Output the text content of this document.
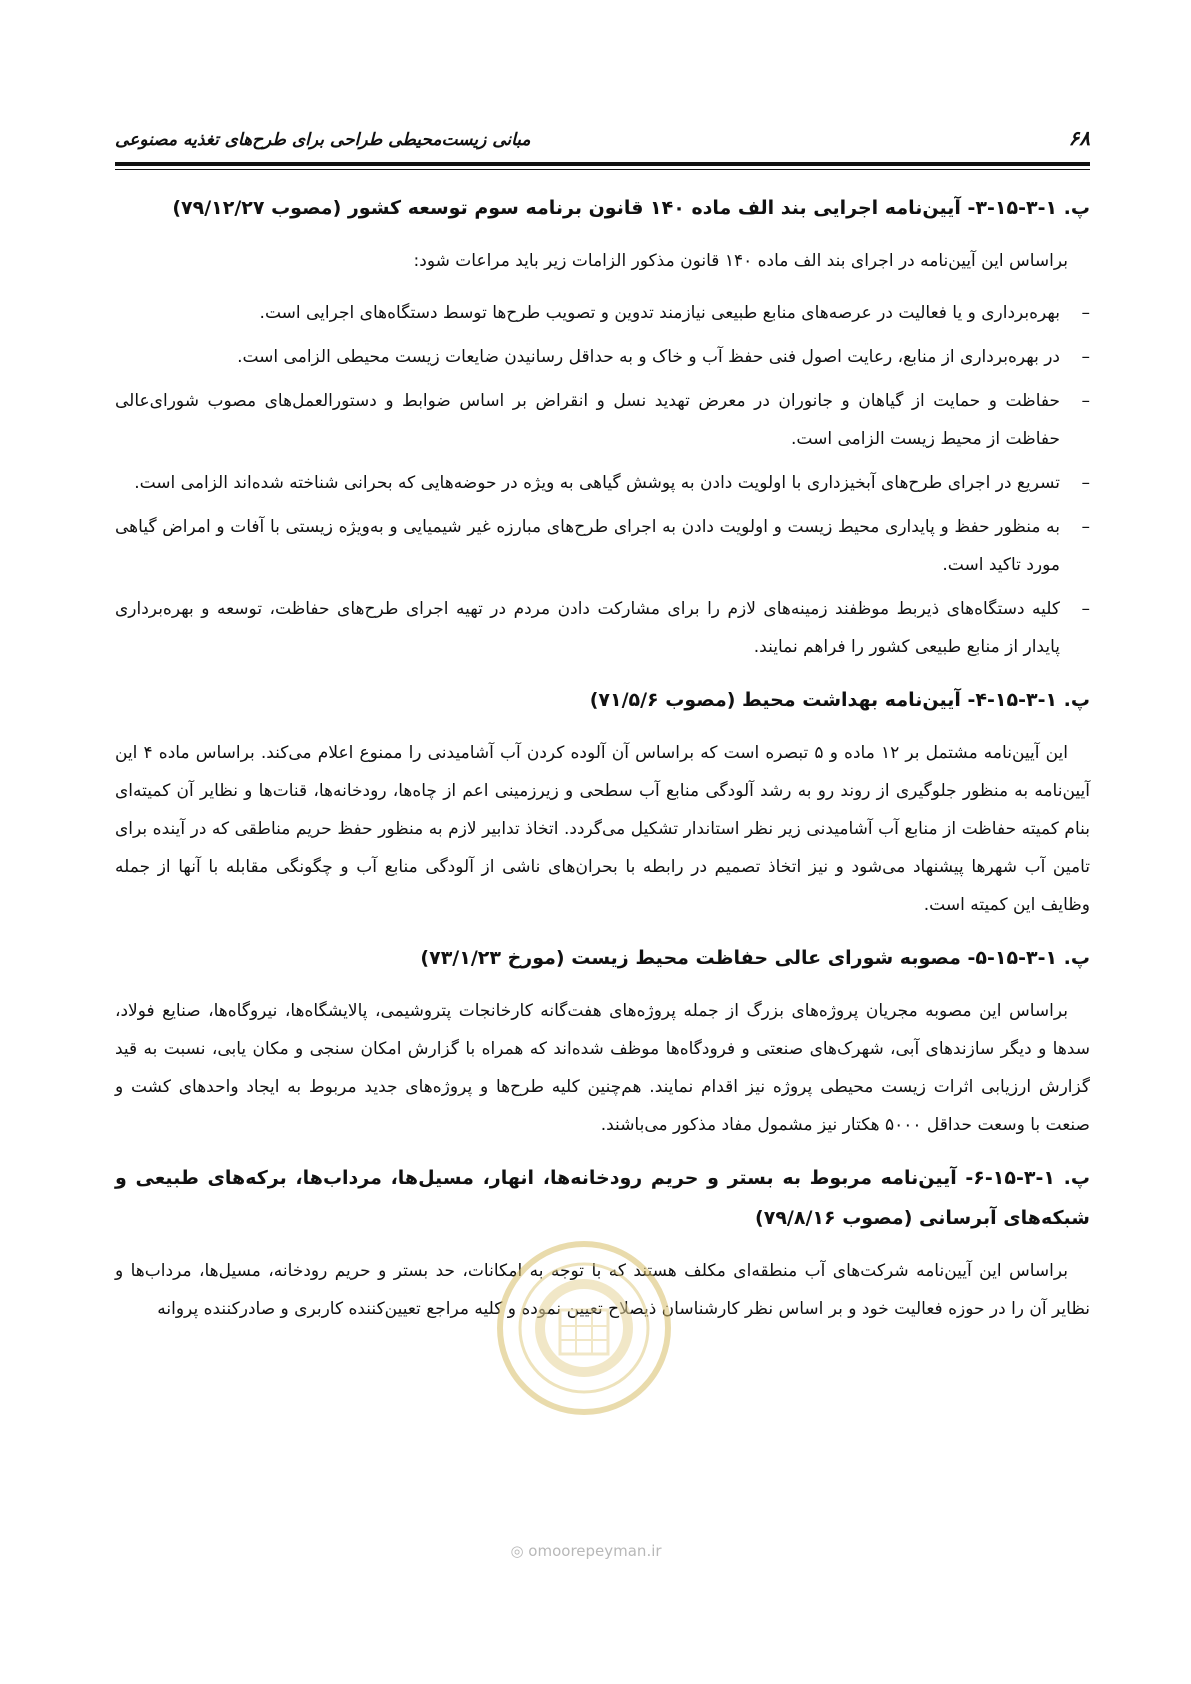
۶۸
مبانی زیست‌محیطی طراحی برای طرح‌های تغذیه مصنوعی
پ. ۱-۳-۱۵-۳- آیین‌نامه اجرایی بند الف ماده ۱۴۰ قانون برنامه سوم توسعه کشور (مصوب ۷۹/۱۲/۲۷)

براساس این آیین‌نامه در اجرای بند الف ماده ۱۴۰ قانون مذکور الزامات زیر باید مراعات شود:

–
بهره‌برداری و یا فعالیت در عرصه‌های منابع طبیعی نیازمند تدوین و تصویب طرح‌ها توسط دستگاه‌های اجرایی است.
–
در بهره‌برداری از منابع، رعایت اصول فنی حفظ آب و خاک و به حداقل رسانیدن ضایعات زیست محیطی الزامی است.
–
حفاظت و حمایت از گیاهان و جانوران در معرض تهدید نسل و انقراض بر اساس ضوابط و دستورالعمل‌های مصوب شورای‌عالی حفاظت از محیط زیست الزامی است.
–
تسریع در اجرای طرح‌های آبخیزداری با اولویت دادن به پوشش گیاهی به ویژه در حوضه‌هایی که بحرانی شناخته شده‌اند الزامی است.
–
به منظور حفظ و پایداری محیط زیست و اولویت دادن به اجرای طرح‌های مبارزه غیر شیمیایی و به‌ویژه زیستی با آفات و امراض گیاهی مورد تاکید است.
–
کلیه دستگاه‌های ذیربط موظفند زمینه‌های لازم را برای مشارکت دادن مردم در تهیه اجرای طرح‌های حفاظت، توسعه و بهره‌برداری پایدار از منابع طبیعی کشور را فراهم نمایند.
پ. ۱-۳-۱۵-۴- آیین‌نامه بهداشت محیط (مصوب ۷۱/۵/۶)

این آیین‌نامه مشتمل بر ۱۲ ماده و ۵ تبصره است که براساس آن آلوده کردن آب آشامیدنی را ممنوع اعلام می‌کند. براساس ماده ۴ این آیین‌نامه به منظور جلوگیری از روند رو به رشد آلودگی منابع آب سطحی و زیرزمینی اعم از چاه‌ها، رودخانه‌ها، قنات‌ها و نظایر آن کمیته‌ای بنام کمیته حفاظت از منابع آب آشامیدنی زیر نظر استاندار تشکیل می‌گردد. اتخاذ تدابیر لازم به منظور حفظ حریم مناطقی که در آینده برای تامین آب شهرها پیشنهاد می‌شود و نیز اتخاذ تصمیم در رابطه با بحران‌های ناشی از آلودگی منابع آب و چگونگی مقابله با آنها از جمله وظایف این کمیته است.

پ. ۱-۳-۱۵-۵- مصوبه شورای عالی حفاظت محیط زیست (مورخ ۷۳/۱/۲۳)

براساس این مصوبه مجریان پروژه‌های بزرگ از جمله پروژه‌های هفت‌گانه کارخانجات پتروشیمی، پالایشگاه‌ها، نیروگاه‌ها، صنایع فولاد، سدها و دیگر سازندهای آبی، شهرک‌های صنعتی و فرودگاه‌ها موظف شده‌اند که همراه با گزارش امکان سنجی و مکان یابی، نسبت به قید گزارش ارزیابی اثرات زیست محیطی پروژه نیز اقدام نمایند. هم‌چنین کلیه طرح‌ها و پروژه‌های جدید مربوط به ایجاد واحدهای کشت و صنعت با وسعت حداقل ۵۰۰۰ هکتار نیز مشمول مفاد مذکور می‌باشند.

پ. ۱-۳-۱۵-۶- آیین‌نامه مربوط به بستر و حریم رودخانه‌ها، انهار، مسیل‌ها، مرداب‌ها، برکه‌های طبیعی و شبکه‌های آبرسانی (مصوب ۷۹/۸/۱۶)

براساس این آیین‌نامه شرکت‌های آب منطقه‌ای مکلف هستند که با توجه به امکانات، حد بستر و حریم رودخانه، مسیل‌ها، مرداب‌ها و نظایر آن را در حوزه فعالیت خود و بر اساس نظر کارشناسان ذیصلاح تعیین نموده و کلیه مراجع تعیین‌کننده کاربری و صادرکننده پروانه

◎ omoorepeyman.ir
